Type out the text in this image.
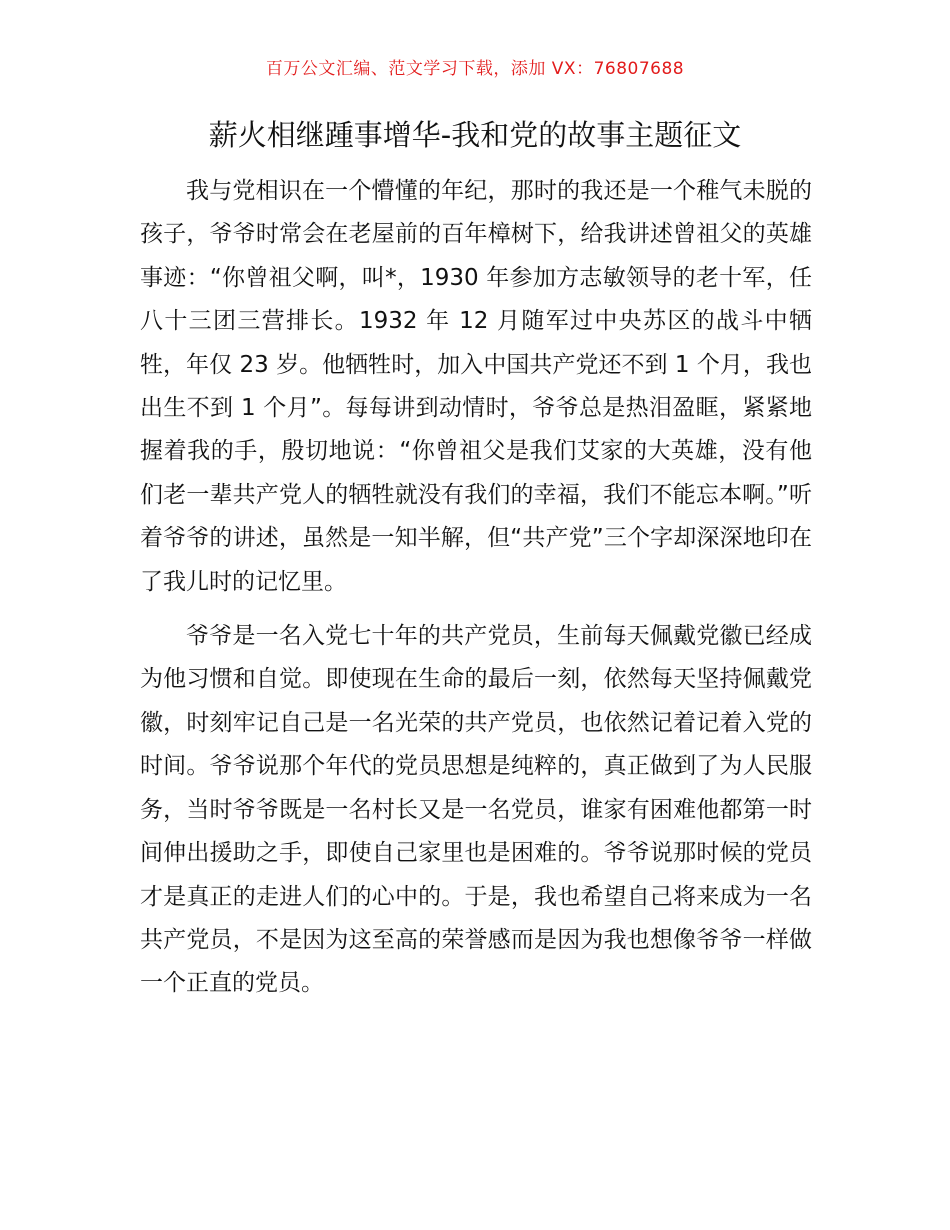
百万公文汇编、范文学习下载，添加 VX：76807688
薪火相继踵事增华-我和党的故事主题征文

我与党相识在一个懵懂的年纪，那时的我还是一个稚气未脱的孩子，爷爷时常会在老屋前的百年樟树下，给我讲述曾祖父的英雄事迹：“你曾祖父啊，叫*，1930 年参加方志敏领导的老十军，任八十三团三营排长。1932 年 12 月随军过中央苏区的战斗中牺牲，年仅 23 岁。他牺牲时，加入中国共产党还不到 1 个月，我也出生不到 1 个月”。每每讲到动情时，爷爷总是热泪盈眶，紧紧地握着我的手，殷切地说：“你曾祖父是我们艾家的大英雄，没有他们老一辈共产党人的牺牲就没有我们的幸福，我们不能忘本啊。”听着爷爷的讲述，虽然是一知半解，但“共产党”三个字却深深地印在了我儿时的记忆里。

爷爷是一名入党七十年的共产党员，生前每天佩戴党徽已经成为他习惯和自觉。即使现在生命的最后一刻，依然每天坚持佩戴党徽，时刻牢记自己是一名光荣的共产党员，也依然记着记着入党的时间。爷爷说那个年代的党员思想是纯粹的，真正做到了为人民服务，当时爷爷既是一名村长又是一名党员，谁家有困难他都第一时间伸出援助之手，即使自己家里也是困难的。爷爷说那时候的党员才是真正的走进人们的心中的。于是，我也希望自己将来成为一名共产党员，不是因为这至高的荣誉感而是因为我也想像爷爷一样做一个正直的党员。
